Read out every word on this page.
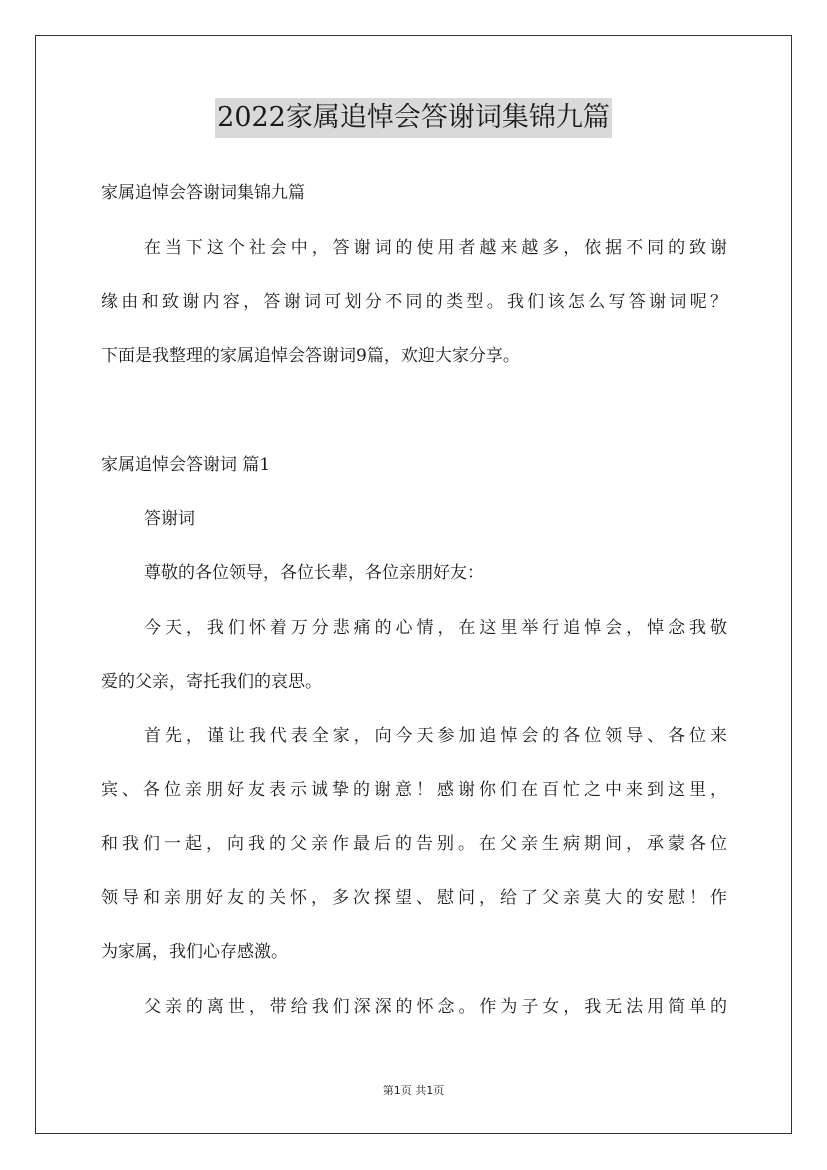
2022家属追悼会答谢词集锦九篇
家属追悼会答谢词集锦九篇
在当下这个社会中，答谢词的使用者越来越多，依据不同的致谢
缘由和致谢内容，答谢词可划分不同的类型。我们该怎么写答谢词呢？
下面是我整理的家属追悼会答谢词9篇，欢迎大家分享。
家属追悼会答谢词 篇1
答谢词
尊敬的各位领导，各位长辈，各位亲朋好友：
今天，我们怀着万分悲痛的心情，在这里举行追悼会，悼念我敬
爱的父亲，寄托我们的哀思。
首先，谨让我代表全家，向今天参加追悼会的各位领导、各位来
宾、各位亲朋好友表示诚挚的谢意！感谢你们在百忙之中来到这里，
和我们一起，向我的父亲作最后的告别。在父亲生病期间，承蒙各位
领导和亲朋好友的关怀，多次探望、慰问，给了父亲莫大的安慰！作
为家属，我们心存感激。
父亲的离世，带给我们深深的怀念。作为子女，我无法用简单的
第1页 共1页
